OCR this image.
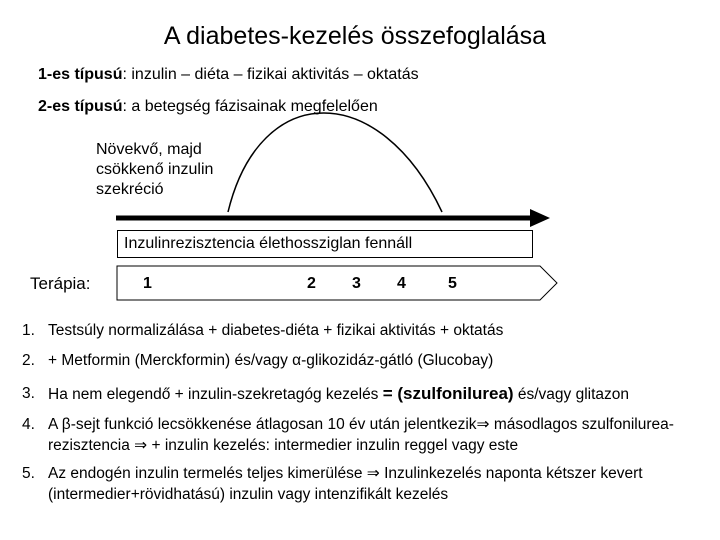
A diabetes-kezelés összefoglalása
1-es típusú: inzulin – diéta – fizikai aktivitás – oktatás
2-es típusú: a betegség fázisainak megfelelően
Növekvő, majd csökkenő inzulin szekréció
Inzulinrezisztencia élethossziglan fennáll
Terápia:	1	2 3 4	5
1. Testsúly normalizálása + diabetes-diéta + fizikai aktivitás + oktatás
2. + Metformin (Merckformin) és/vagy α-glikozidáz-gátló (Glucobay)
3. Ha nem elegendő + inzulin-szekretagóg kezelés = (szulfonilurea) és/vagy glitazon
4. A β-sejt funkció lecsökkenése átlagosan 10 év után jelentkezik⇒ másodlagos szulfonilurea-rezisztencia ⇒ + inzulin kezelés: intermedier inzulin reggel vagy este
5. Az endogén inzulin termelés teljes kimerülése ⇒ Inzulinkezelés naponta kétszer kevert (intermedier+rövidhatású) inzulin vagy intenzifikált kezelés
